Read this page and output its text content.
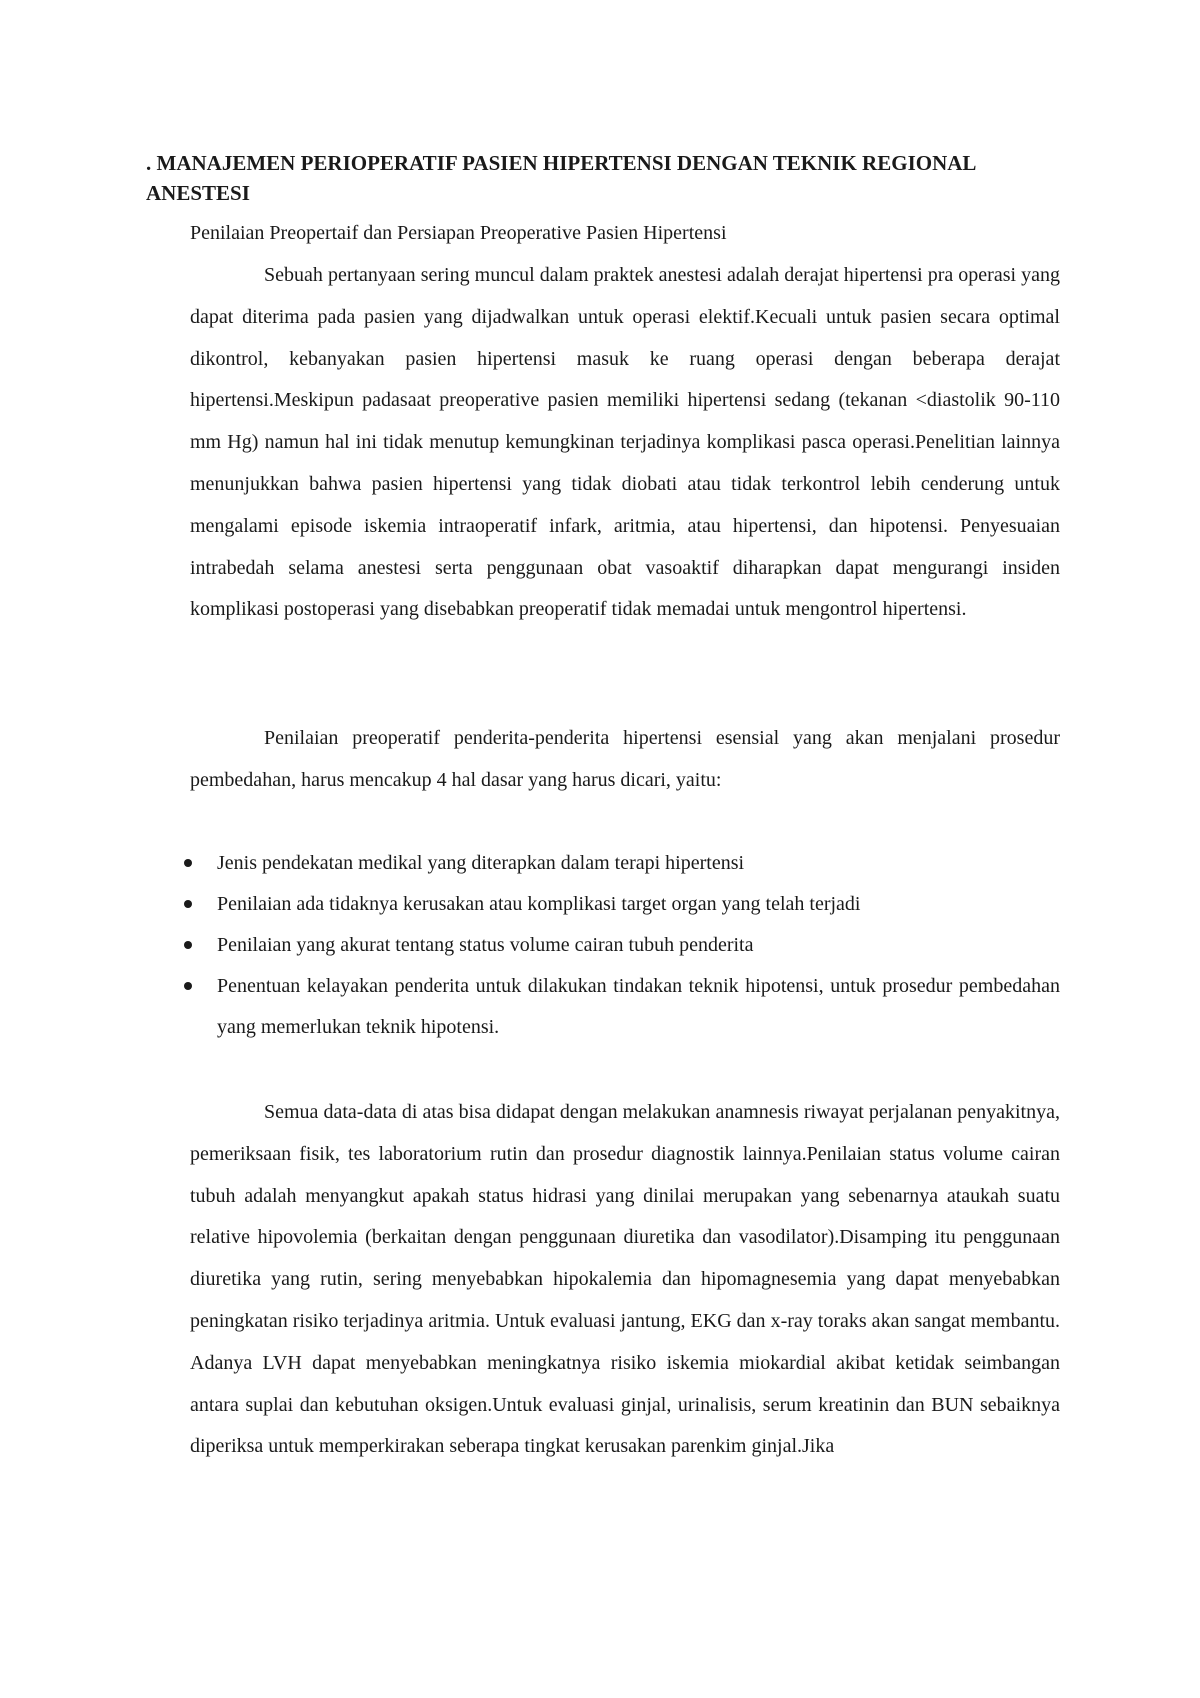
. MANAJEMEN PERIOPERATIF PASIEN HIPERTENSI DENGAN TEKNIK REGIONAL ANESTESI

Penilaian Preopertaif dan Persiapan Preoperative Pasien Hipertensi

Sebuah pertanyaan sering muncul dalam praktek anestesi adalah derajat hipertensi pra operasi yang dapat diterima pada pasien yang dijadwalkan untuk operasi elektif.Kecuali untuk pasien secara optimal dikontrol, kebanyakan pasien hipertensi masuk ke ruang operasi dengan beberapa derajat hipertensi.Meskipun padasaat preoperative pasien memiliki hipertensi sedang (tekanan <diastolik 90-110 mm Hg) namun hal ini tidak menutup kemungkinan terjadinya komplikasi pasca operasi.Penelitian lainnya menunjukkan bahwa pasien hipertensi yang tidak diobati atau tidak terkontrol lebih cenderung untuk mengalami episode iskemia intraoperatif infark, aritmia, atau hipertensi, dan hipotensi. Penyesuaian intrabedah selama anestesi serta penggunaan obat vasoaktif diharapkan dapat mengurangi insiden komplikasi postoperasi yang disebabkan preoperatif tidak memadai untuk mengontrol hipertensi.

Penilaian preoperatif penderita-penderita hipertensi esensial yang akan menjalani prosedur pembedahan, harus mencakup 4 hal dasar yang harus dicari, yaitu:

Jenis pendekatan medikal yang diterapkan dalam terapi hipertensi
Penilaian ada tidaknya kerusakan atau komplikasi target organ yang telah terjadi
Penilaian yang akurat tentang status volume cairan tubuh penderita
Penentuan kelayakan penderita untuk dilakukan tindakan teknik hipotensi, untuk prosedur pembedahan yang memerlukan teknik hipotensi.

Semua data-data di atas bisa didapat dengan melakukan anamnesis riwayat perjalanan penyakitnya, pemeriksaan fisik, tes laboratorium rutin dan prosedur diagnostik lainnya.Penilaian status volume cairan tubuh adalah menyangkut apakah status hidrasi yang dinilai merupakan yang sebenarnya ataukah suatu relative hipovolemia (berkaitan dengan penggunaan diuretika dan vasodilator).Disamping itu penggunaan diuretika yang rutin, sering menyebabkan hipokalemia dan hipomagnesemia yang dapat menyebabkan peningkatan risiko terjadinya aritmia. Untuk evaluasi jantung, EKG dan x-ray toraks akan sangat membantu. Adanya LVH dapat menyebabkan meningkatnya risiko iskemia miokardial akibat ketidak seimbangan antara suplai dan kebutuhan oksigen.Untuk evaluasi ginjal, urinalisis, serum kreatinin dan BUN sebaiknya diperiksa untuk memperkirakan seberapa tingkat kerusakan parenkim ginjal.Jika
